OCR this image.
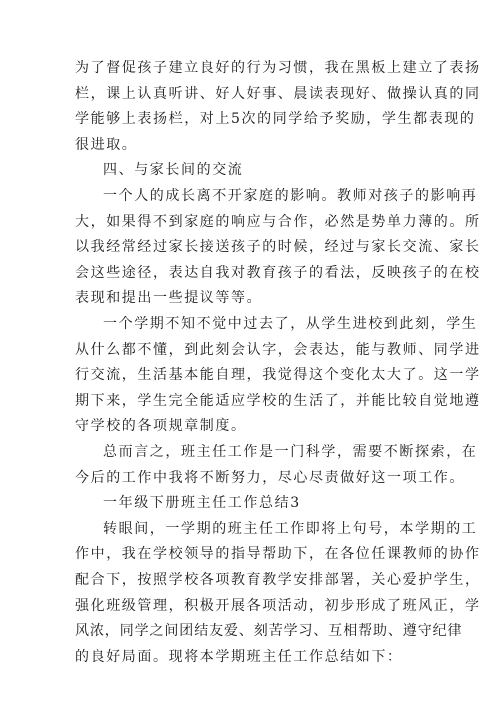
为了督促孩子建立良好的行为习惯，我在黑板上建立了表扬
栏，课上认真听讲、好人好事、晨读表现好、做操认真的同
学能够上表扬栏，对上5次的同学给予奖励，学生都表现的
很进取。
四、与家长间的交流
一个人的成长离不开家庭的影响。教师对孩子的影响再
大，如果得不到家庭的响应与合作，必然是势单力薄的。所
以我经常经过家长接送孩子的时候，经过与家长交流、家长
会这些途径，表达自我对教育孩子的看法，反映孩子的在校
表现和提出一些提议等等。
一个学期不知不觉中过去了，从学生进校到此刻，学生
从什么都不懂，到此刻会认字，会表达，能与教师、同学进
行交流，生活基本能自理，我觉得这个变化太大了。这一学
期下来，学生完全能适应学校的生活了，并能比较自觉地遵
守学校的各项规章制度。
总而言之，班主任工作是一门科学，需要不断探索，在
今后的工作中我将不断努力，尽心尽责做好这一项工作。
一年级下册班主任工作总结3
转眼间，一学期的班主任工作即将上句号，本学期的工
作中，我在学校领导的指导帮助下，在各位任课教师的协作
配合下，按照学校各项教育教学安排部署，关心爱护学生，
强化班级管理，积极开展各项活动，初步形成了班风正，学
风浓，同学之间团结友爱、刻苦学习、互相帮助、遵守纪律
的良好局面。现将本学期班主任工作总结如下：
